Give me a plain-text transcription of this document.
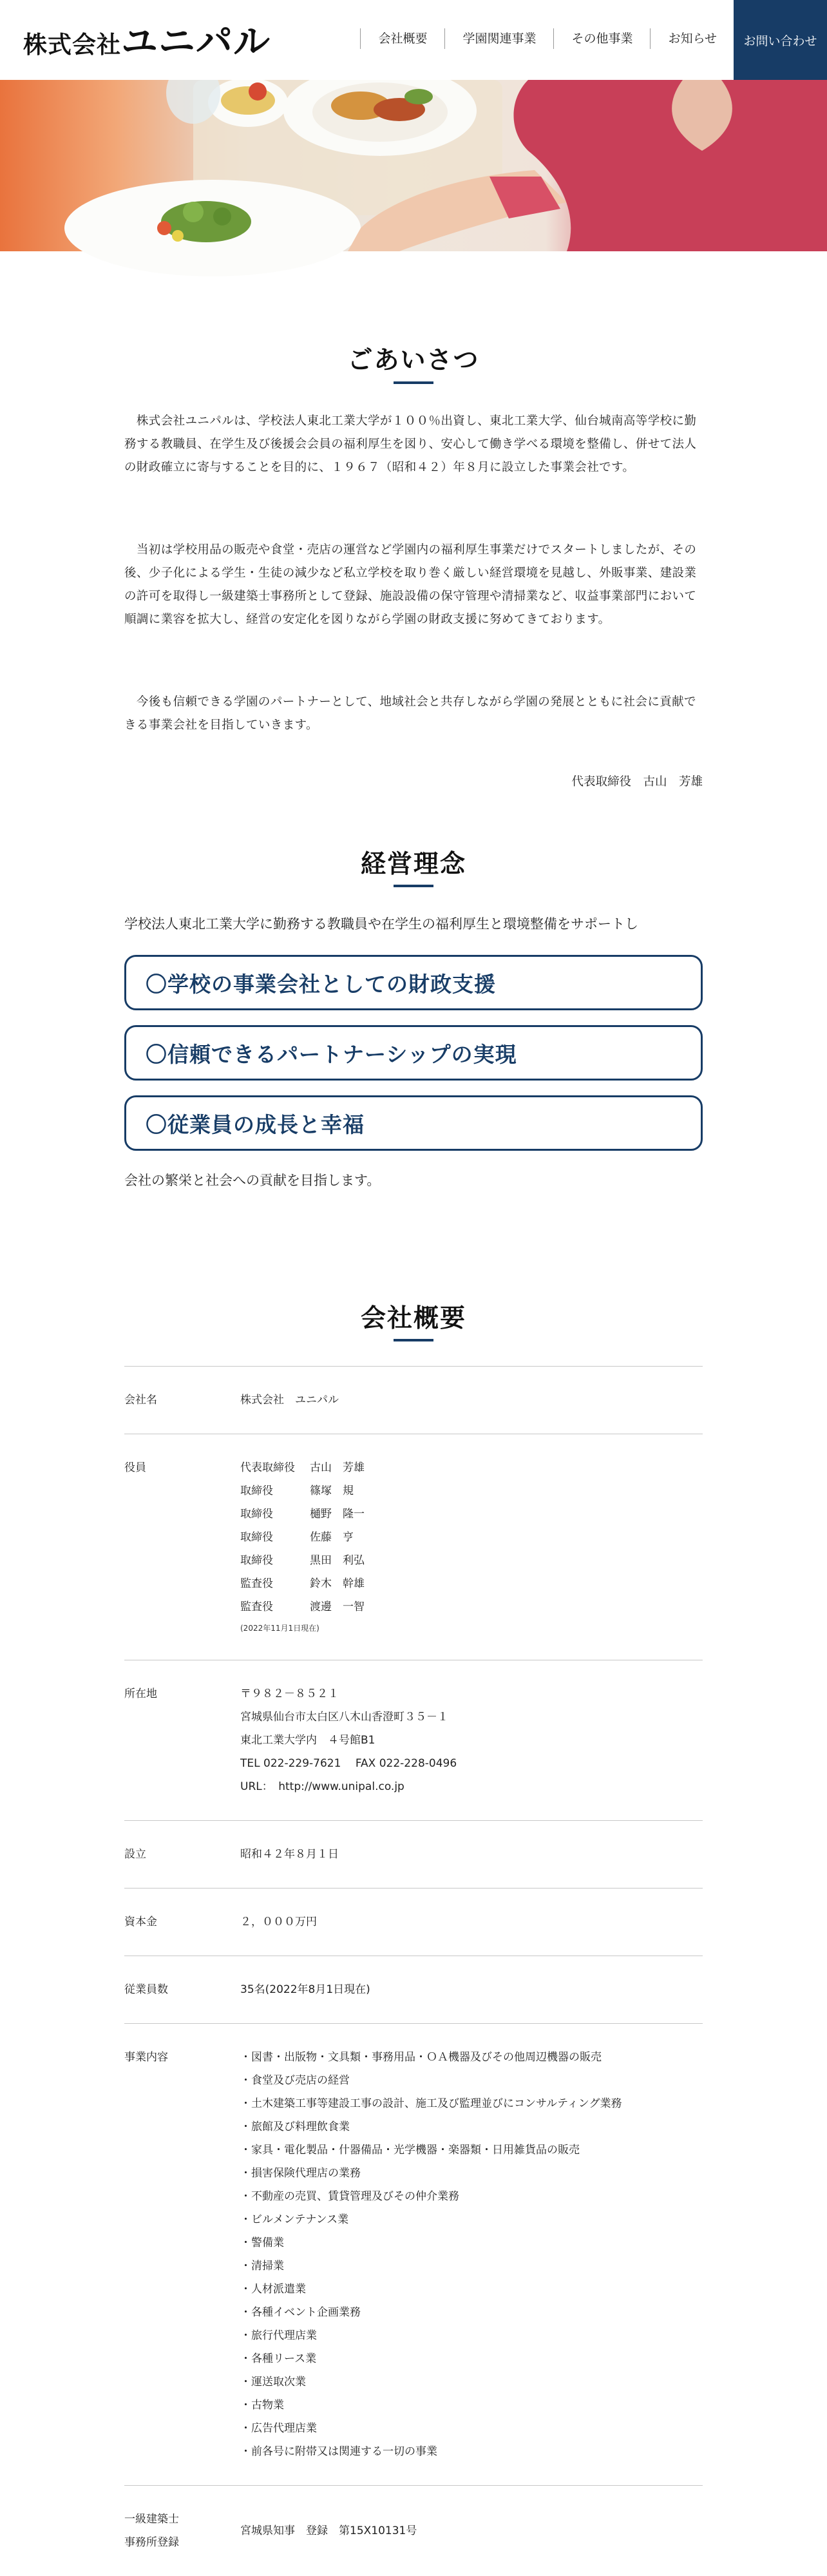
株式会社 ユニパル	会社概要	学園関連事業	その他事業	お知らせ	お問い合わせ
ごあいさつ

　株式会社ユニパルは、学校法人東北工業大学が１００％出資し、東北工業大学、仙台城南高等学校に勤務する教職員、在学生及び後援会会員の福利厚生を図り、安心して働き学べる環境を整備し、併せて法人の財政確立に寄与することを目的に、１９６７（昭和４２）年８月に設立した事業会社です。

　当初は学校用品の販売や食堂・売店の運営など学園内の福利厚生事業だけでスタートしましたが、その後、少子化による学生・生徒の減少など私立学校を取り巻く厳しい経営環境を見越し、外販事業、建設業の許可を取得し一級建築士事務所として登録、施設設備の保守管理や清掃業など、収益事業部門において順調に業容を拡大し、経営の安定化を図りながら学園の財政支援に努めてきております。

　今後も信頼できる学園のパートナーとして、地域社会と共存しながら学園の発展とともに社会に貢献できる事業会社を目指していきます。

代表取締役　古山　芳雄

経営理念

学校法人東北工業大学に勤務する教職員や在学生の福利厚生と環境整備をサポートし

〇学校の事業会社としての財政支援
〇信頼できるパートナーシップの実現
〇従業員の成長と幸福

会社の繁栄と社会への貢献を目指します。

会社概要
会社名	株式会社　ユニパル
役員	代表取締役	古山　芳雄
取締役	篠塚　規
取締役	樋野　隆一
取締役	佐藤　亨
取締役	黒田　利弘
監査役	鈴木　幹雄
監査役	渡邊　一智
(2022年11月1日現在)
所在地	〒９８２－８５２１
宮城県仙台市太白区八木山香澄町３５－１
東北工業大学内　４号館B1
TEL 022-229-7621　 FAX 022-228-0496
URL：　http://www.unipal.co.jp
設立	昭和４２年８月１日
資本金	２，０００万円
従業員数	35名(2022年8月1日現在)
事業内容	・図書・出版物・文具類・事務用品・ＯＡ機器及びその他周辺機器の販売
・食堂及び売店の経営
・土木建築工事等建設工事の設計、施工及び監理並びにコンサルティング業務
・旅館及び料理飲食業
・家具・電化製品・什器備品・光学機器・楽器類・日用雑貨品の販売
・損害保険代理店の業務
・不動産の売買、賃貸管理及びその仲介業務
・ビルメンテナンス業
・警備業
・清掃業
・人材派遣業
・各種イベント企画業務
・旅行代理店業
・各種リース業
・運送取次業
・古物業
・広告代理店業
・前各号に附帯又は関連する一切の事業
一級建築士事務所登録
宮城県知事　登録　第15X10131号
